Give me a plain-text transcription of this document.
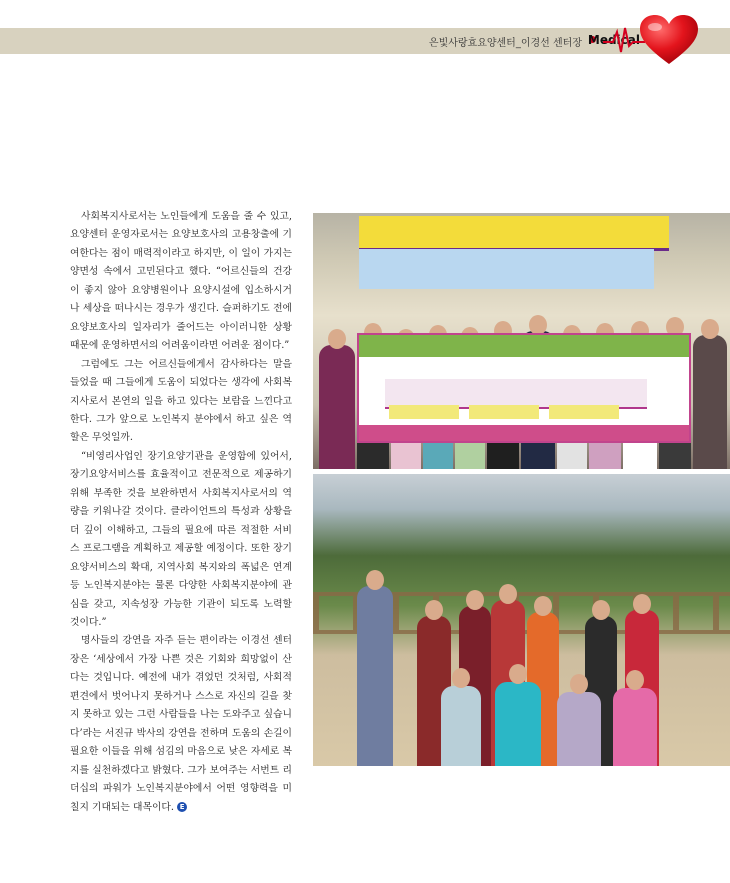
은빛사랑효요양센터_이경선 센터장 Medical

사회복지사로서는 노인들에게 도움을 줄 수 있고, 요양센터 운영자로서는 요양보호사의 고용창출에 기여한다는 점이 매력적이라고 하지만, 이 일이 가지는 양면성 속에서 고민된다고 했다. “어르신들의 건강이 좋지 않아 요양병원이나 요양시설에 입소하시거나 세상을 떠나시는 경우가 생긴다. 슬퍼하기도 전에 요양보호사의 일자리가 줄어드는 아이러니한 상황 때문에 운영하면서의 어려움이라면 어려운 점이다.”

그럼에도 그는 어르신들에게서 감사하다는 말을 들었을 때 그들에게 도움이 되었다는 생각에 사회복지사로서 본연의 일을 하고 있다는 보람을 느낀다고 한다. 그가 앞으로 노인복지 분야에서 하고 싶은 역할은 무엇일까.

“비영리사업인 장기요양기관을 운영함에 있어서, 장기요양서비스를 효율적이고 전문적으로 제공하기 위해 부족한 것을 보완하면서 사회복지사로서의 역량을 키워나갈 것이다. 클라이언트의 특성과 상황을 더 깊이 이해하고, 그들의 필요에 따른 적절한 서비스 프로그램을 계획하고 제공할 예정이다. 또한 장기요양서비스의 확대, 지역사회 복지와의 폭넓은 연계 등 노인복지분야는 물론 다양한 사회복지분야에 관심을 갖고, 지속성장 가능한 기관이 되도록 노력할 것이다.”

명사들의 강연을 자주 듣는 편이라는 이경선 센터장은 ‘세상에서 가장 나쁜 것은 기회와 희망없이 산다는 것입니다. 예전에 내가 겪었던 것처럼, 사회적 편견에서 벗어나지 못하거나 스스로 자신의 길을 찾지 못하고 있는 그런 사람들을 나는 도와주고 싶습니다’라는 서진규 박사의 강연을 전하며 도움의 손길이 필요한 이들을 위해 섬김의 마음으로 낮은 자세로 복지를 실천하겠다고 밝혔다. 그가 보여주는 서번트 리더십의 파워가 노인복지분야에서 어떤 영향력을 미칠지 기대되는 대목이다. E
